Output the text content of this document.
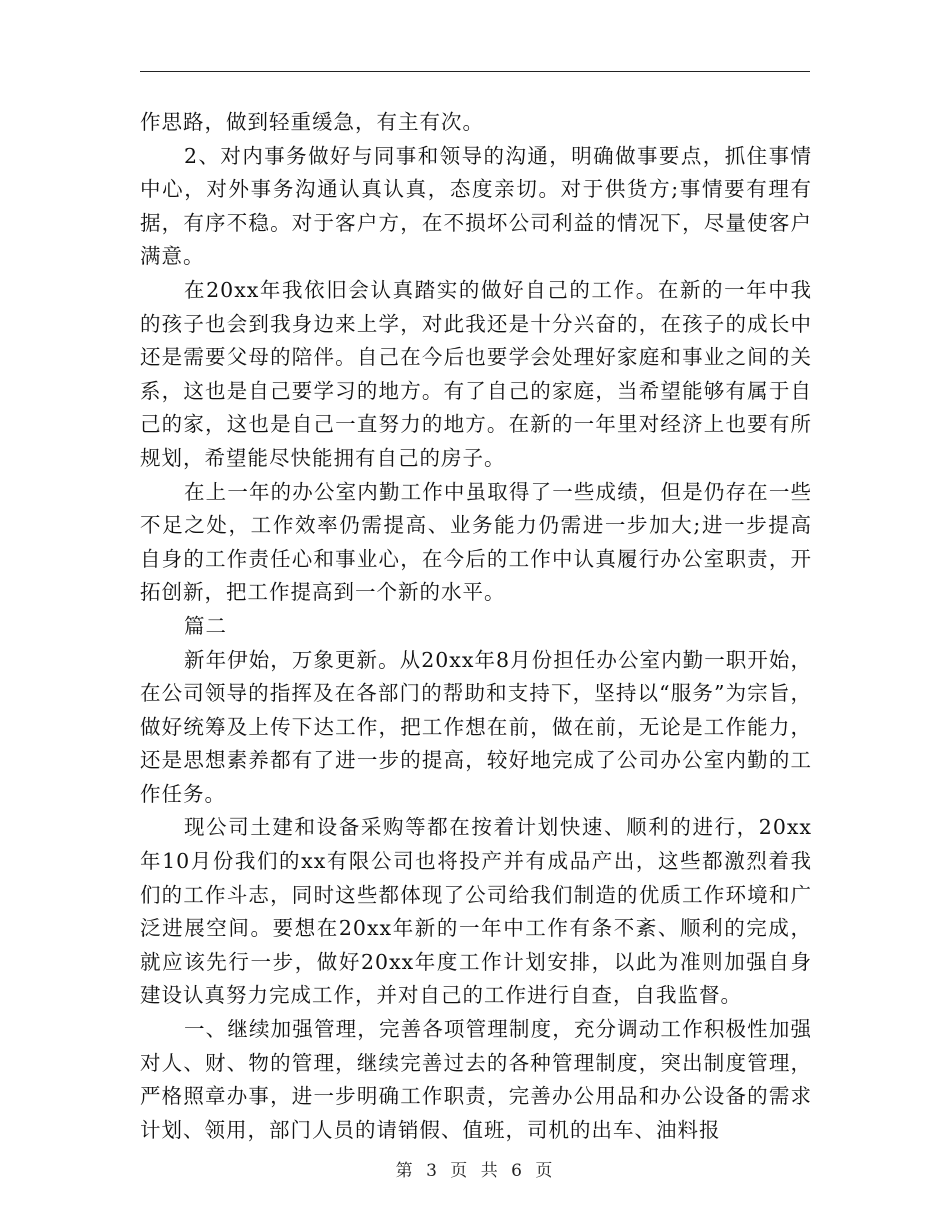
作思路，做到轻重缓急，有主有次。

2、对内事务做好与同事和领导的沟通，明确做事要点，抓住事情中心，对外事务沟通认真认真，态度亲切。对于供货方;事情要有理有据，有序不稳。对于客户方，在不损坏公司利益的情况下，尽量使客户满意。

在20xx年我依旧会认真踏实的做好自己的工作。在新的一年中我的孩子也会到我身边来上学，对此我还是十分兴奋的，在孩子的成长中还是需要父母的陪伴。自己在今后也要学会处理好家庭和事业之间的关系，这也是自己要学习的地方。有了自己的家庭，当希望能够有属于自己的家，这也是自己一直努力的地方。在新的一年里对经济上也要有所规划，希望能尽快能拥有自己的房子。

在上一年的办公室内勤工作中虽取得了一些成绩，但是仍存在一些不足之处，工作效率仍需提高、业务能力仍需进一步加大;进一步提高自身的工作责任心和事业心，在今后的工作中认真履行办公室职责，开拓创新，把工作提高到一个新的水平。

篇二

新年伊始，万象更新。从20xx年8月份担任办公室内勤一职开始，在公司领导的指挥及在各部门的帮助和支持下，坚持以“服务”为宗旨，做好统筹及上传下达工作，把工作想在前，做在前，无论是工作能力，还是思想素养都有了进一步的提高，较好地完成了公司办公室内勤的工作任务。

现公司土建和设备采购等都在按着计划快速、顺利的进行，20xx年10月份我们的xx有限公司也将投产并有成品产出，这些都激烈着我们的工作斗志，同时这些都体现了公司给我们制造的优质工作环境和广泛进展空间。要想在20xx年新的一年中工作有条不紊、顺利的完成，就应该先行一步，做好20xx年度工作计划安排，以此为准则加强自身建设认真努力完成工作，并对自己的工作进行自查，自我监督。

一、继续加强管理，完善各项管理制度，充分调动工作积极性加强对人、财、物的管理，继续完善过去的各种管理制度，突出制度管理，严格照章办事，进一步明确工作职责，完善办公用品和办公设备的需求计划、领用，部门人员的请销假、值班，司机的出车、油料报

第 3 页 共 6 页
